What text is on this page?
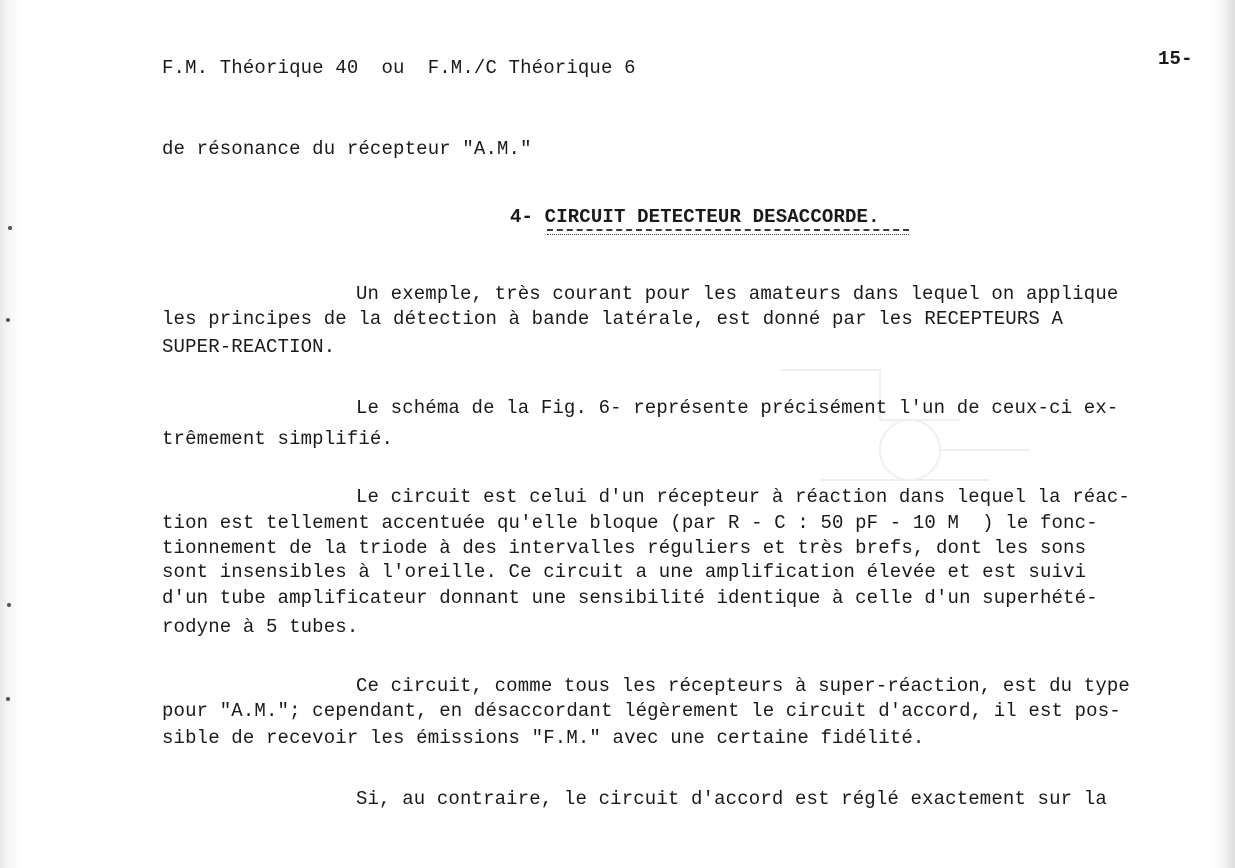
F.M. Théorique 40  ou  F.M./C Théorique 6	15-
de résonance du récepteur "A.M."
4- CIRCUIT DETECTEUR DESACCORDE.
Un exemple, très courant pour les amateurs dans lequel on applique
les principes de la détection à bande latérale, est donné par les RECEPTEURS A
SUPER-REACTION.
Le schéma de la Fig. 6- représente précisément l'un de ceux-ci ex-
trêmement simplifié.
Le circuit est celui d'un récepteur à réaction dans lequel la réac-
tion est tellement accentuée qu'elle bloque (par R - C : 50 pF - 10 M  ) le fonc-
tionnement de la triode à des intervalles réguliers et très brefs, dont les sons
sont insensibles à l'oreille. Ce circuit a une amplification élevée et est suivi
d'un tube amplificateur donnant une sensibilité identique à celle d'un superhété-
rodyne à 5 tubes.
Ce circuit, comme tous les récepteurs à super-réaction, est du type
pour "A.M."; cependant, en désaccordant légèrement le circuit d'accord, il est pos-
sible de recevoir les émissions "F.M." avec une certaine fidélité.
Si, au contraire, le circuit d'accord est réglé exactement sur la
